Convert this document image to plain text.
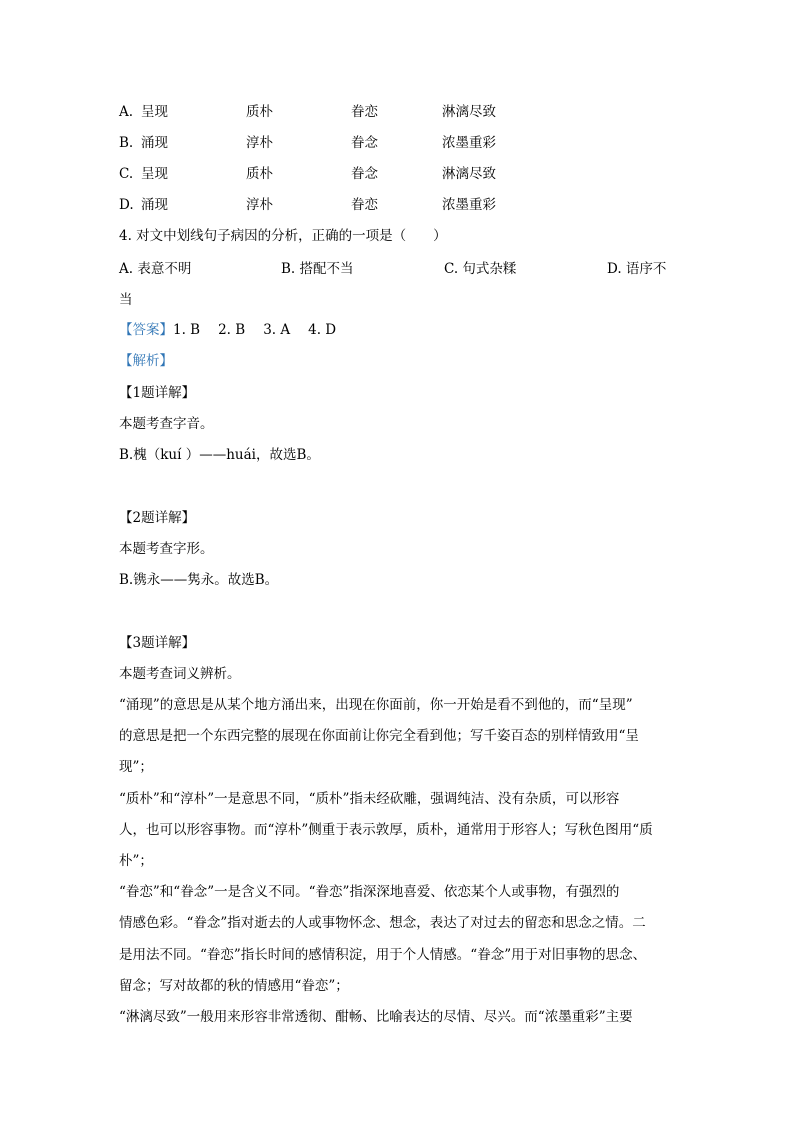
A. 呈现	质朴	眷恋	淋漓尽致
B. 涌现	淳朴	眷念	浓墨重彩
C. 呈现	质朴	眷念	淋漓尽致
D. 涌现	淳朴	眷恋	浓墨重彩
4. 对文中划线句子病因的分析，正确的一项是（　　）
A. 表意不明	B. 搭配不当	C. 句式杂糅	D. 语序不
当
【答案】1. B 2. B 3. A 4. D
【解析】
【1题详解】
本题考查字音。
B.槐（kuí ）——huái，故选B。
【2题详解】
本题考查字形。
B.镌永——隽永。故选B。
【3题详解】
本题考查词义辨析。
“涌现”的意思是从某个地方涌出来，出现在你面前，你一开始是看不到他的，而“呈现”
的意思是把一个东西完整的展现在你面前让你完全看到他；写千姿百态的别样情致用“呈
现”；
“质朴”和“淳朴”一是意思不同，“质朴”指未经砍雕，强调纯洁、没有杂质，可以形容
人，也可以形容事物。而“淳朴”侧重于表示敦厚，质朴，通常用于形容人；写秋色图用“质
朴”；
“眷恋”和“眷念”一是含义不同。“眷恋”指深深地喜爱、依恋某个人或事物，有强烈的
情感色彩。“眷念”指对逝去的人或事物怀念、想念，表达了对过去的留恋和思念之情。二
是用法不同。“眷恋”指长时间的感情积淀，用于个人情感。“眷念”用于对旧事物的思念、
留念；写对故都的秋的情感用“眷恋”；
“淋漓尽致”一般用来形容非常透彻、酣畅、比喻表达的尽情、尽兴。而“浓墨重彩”主要
